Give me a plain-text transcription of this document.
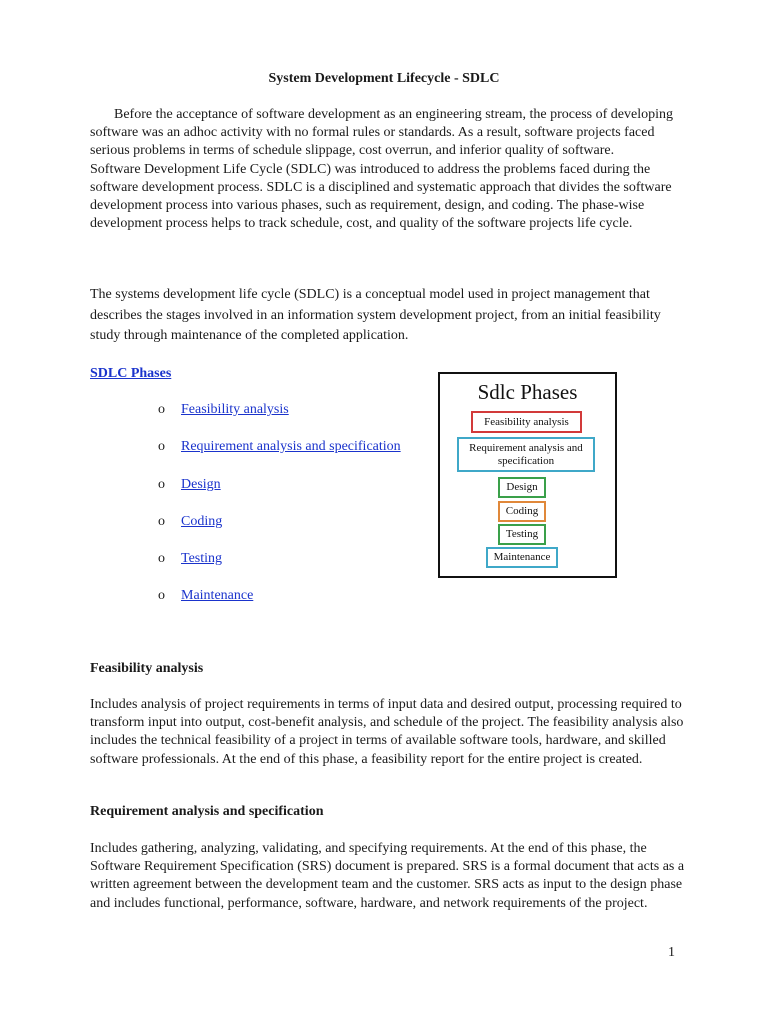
System Development Lifecycle - SDLC

Before the acceptance of software development as an engineering stream, the process of developing software was an adhoc activity with no formal rules or standards. As a result, software projects faced serious problems in terms of schedule slippage, cost overrun, and inferior quality of software.

Software Development Life Cycle (SDLC) was introduced to address the problems faced during the software development process. SDLC is a disciplined and systematic approach that divides the software development process into various phases, such as requirement, design, and coding. The phase-wise development process helps to track schedule, cost, and quality of the software projects life cycle.

The systems development life cycle (SDLC) is a conceptual model used in project management that describes the stages involved in an information system development project, from an initial feasibility study through maintenance of the completed application.
SDLC Phases
o Feasibility analysis
o Requirement analysis and specification
o Design
o Coding
o Testing
o Maintenance
Sdlc Phases
Feasibility analysis
Requirement analysis and specification
Design
Coding
Testing
Maintenance
Feasibility analysis
Includes analysis of project requirements in terms of input data and desired output, processing required to transform input into output, cost-benefit analysis, and schedule of the project. The feasibility analysis also includes the technical feasibility of a project in terms of available software tools, hardware, and skilled software professionals. At the end of this phase, a feasibility report for the entire project is created.
Requirement analysis and specification
Includes gathering, analyzing, validating, and specifying requirements. At the end of this phase, the Software Requirement Specification (SRS) document is prepared. SRS is a formal document that acts as a written agreement between the development team and the customer. SRS acts as input to the design phase and includes functional, performance, software, hardware, and network requirements of the project.
1
